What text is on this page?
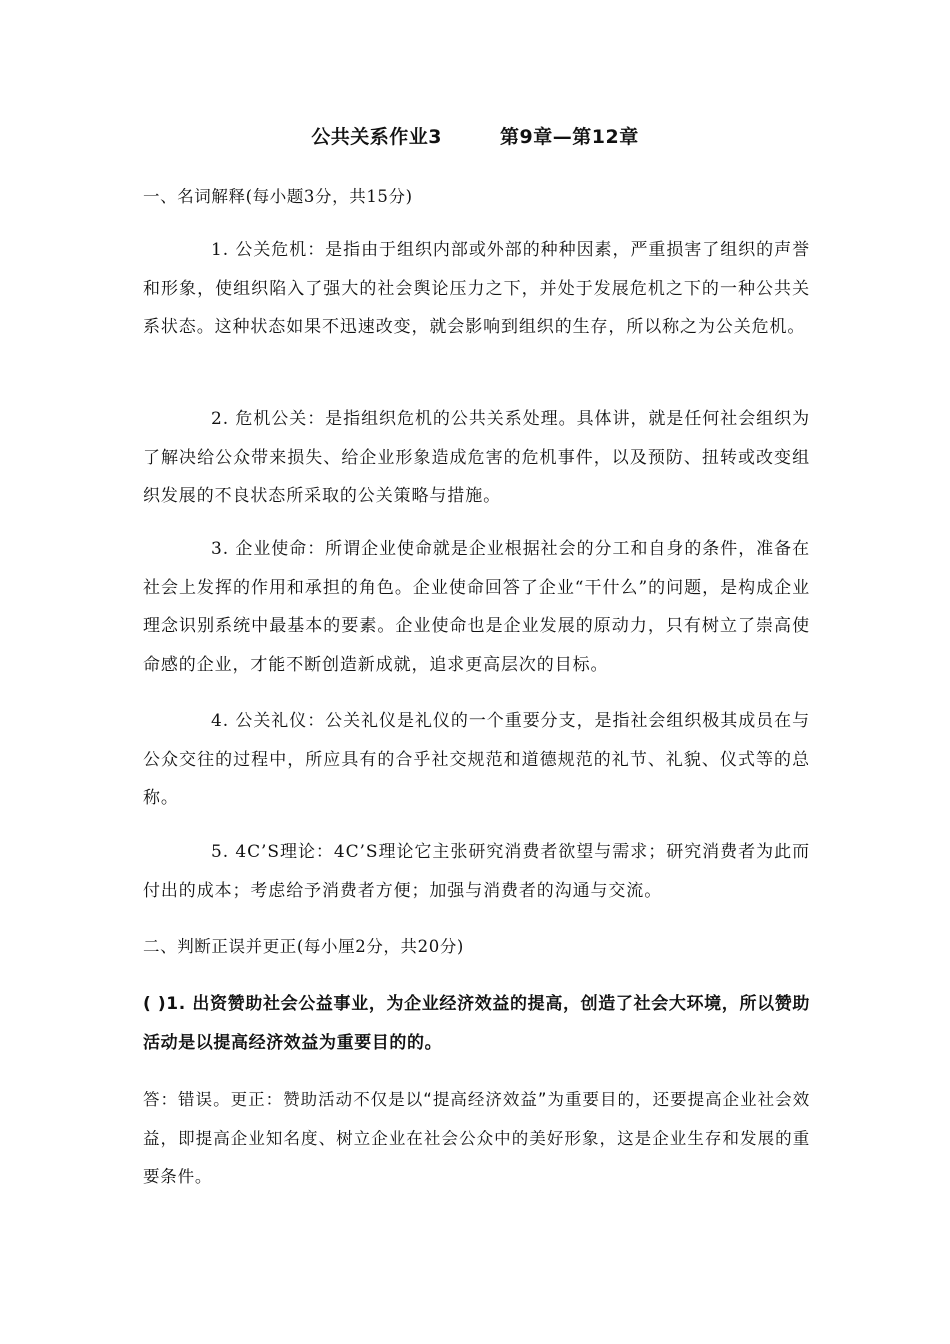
公共关系作业3	第9章—第12章
一、名词解释(每小题3分，共15分)
1. 公关危机：是指由于组织内部或外部的种种因素，严重损害了组织的声誉和形象，使组织陷入了强大的社会舆论压力之下，并处于发展危机之下的一种公共关系状态。这种状态如果不迅速改变，就会影响到组织的生存，所以称之为公关危机。
2. 危机公关：是指组织危机的公共关系处理。具体讲，就是任何社会组织为了解决给公众带来损失、给企业形象造成危害的危机事件，以及预防、扭转或改变组织发展的不良状态所采取的公关策略与措施。
3. 企业使命：所谓企业使命就是企业根据社会的分工和自身的条件，准备在社会上发挥的作用和承担的角色。企业使命回答了企业“干什么”的问题，是构成企业理念识别系统中最基本的要素。企业使命也是企业发展的原动力，只有树立了崇高使命感的企业，才能不断创造新成就，追求更高层次的目标。
4. 公关礼仪：公关礼仪是礼仪的一个重要分支，是指社会组织极其成员在与公众交往的过程中，所应具有的合乎社交规范和道德规范的礼节、礼貌、仪式等的总称。
5. 4C’S理论：4C’S理论它主张研究消费者欲望与需求；研究消费者为此而付出的成本；考虑给予消费者方便；加强与消费者的沟通与交流。
二、判断正误并更正(每小厘2分，共20分)
( )1. 出资赞助社会公益事业，为企业经济效益的提高，创造了社会大环境，所以赞助活动是以提高经济效益为重要目的的。
答：错误。更正：赞助活动不仅是以“提高经济效益”为重要目的，还要提高企业社会效益，即提高企业知名度、树立企业在社会公众中的美好形象，这是企业生存和发展的重要条件。
